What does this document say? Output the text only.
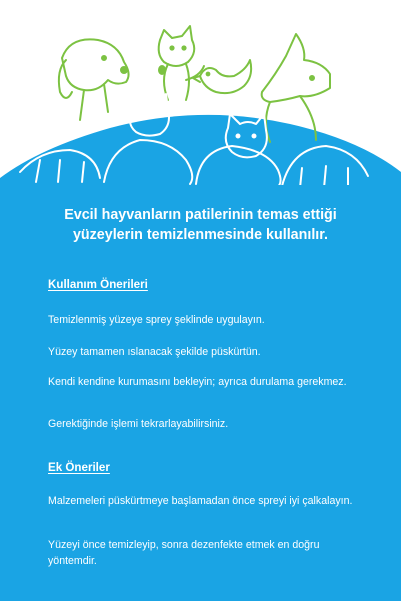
Evcil hayvanların patilerinin temas ettiği yüzeylerin temizlenmesinde kullanılır.
Kullanım Önerileri
Temizlenmiş yüzeye sprey şeklinde uygulayın.
Yüzey tamamen ıslanacak şekilde püskürtün.
Kendi kendine kurumasını bekleyin; ayrıca durulama gerekmez.
Gerektiğinde işlemi tekrarlayabilirsiniz.
Ek Öneriler
Malzemeleri püskürtmeye başlamadan önce spreyi iyi çalkalayın.
Yüzeyi önce temizleyip, sonra dezenfekte etmek en doğru yöntemdir.
